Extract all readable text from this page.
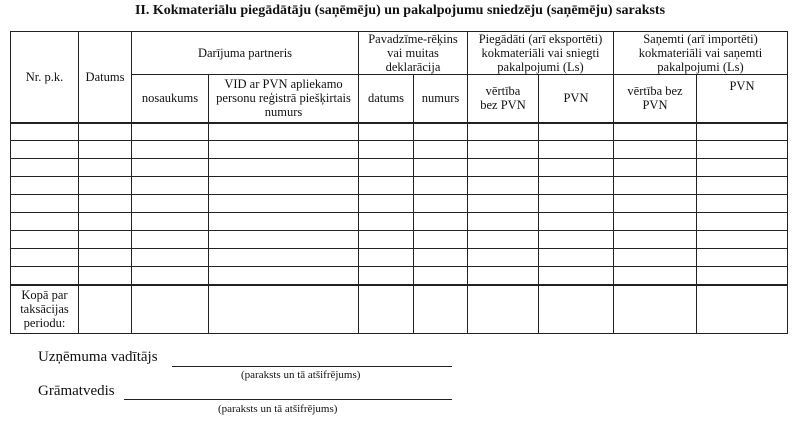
II. Kokmateriālu piegādātāju (saņēmēju) un pakalpojumu sniedzēju (saņēmēju) saraksts
Nr. p.k.	Datums	Darījuma partneris		Pavadzīme-rēķins vai muitas deklarācija		Piegādāti (arī eksportēti) kokmateriāli vai sniegti pakalpojumi (Ls)		Saņemti (arī importēti) kokmateriāli vai saņemti pakalpojumi (Ls)	
		nosaukums	VID ar PVN apliekamo personu reģistrā piešķirtais numurs	datums	numurs	vērtība bez PVN	PVN	vērtība bez PVN	PVN

Kopā par taksācijas periodu:									
Uzņēmuma vadītājs
(paraksts un tā atšifrējums)
Grāmatvedis
(paraksts un tā atšifrējums)
